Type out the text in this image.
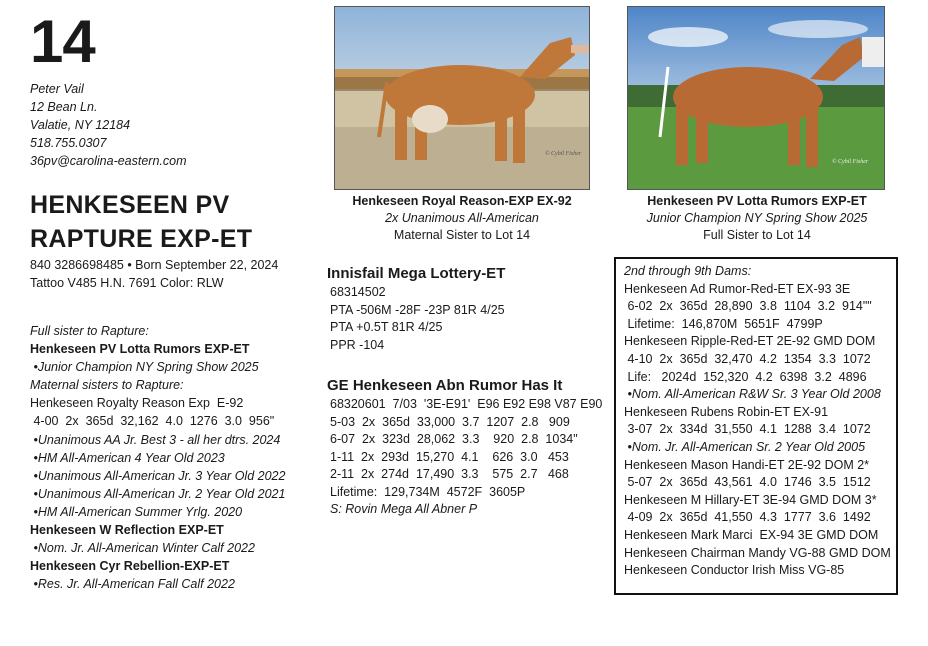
14
Peter Vail
12 Bean Ln.
Valatie, NY 12184
518.755.0307
36pv@carolina-eastern.com
HENKESEEN PV
RAPTURE EXP-ET
840 3286698485 • Born September 22, 2024
Tattoo V485 H.N. 7691 Color: RLW
Full sister to Rapture:
Henkeseen PV Lotta Rumors EXP-ET
•Junior Champion NY Spring Show 2025
Maternal sisters to Rapture:
Henkeseen Royalty Reason Exp  E-92
4-00  2x  365d  32,162  4.0  1276  3.0  956"
•Unanimous AA Jr. Best 3 - all her dtrs. 2024
•HM All-American 4 Year Old 2023
•Unanimous All-American Jr. 3 Year Old 2022
•Unanimous All-American Jr. 2 Year Old 2021
•HM All-American Summer Yrlg. 2020
Henkeseen W Reflection EXP-ET
•Nom. Jr. All-American Winter Calf 2022
Henkeseen Cyr Rebellion-EXP-ET
•Res. Jr. All-American Fall Calf 2022
© Cybil Fisher
© Cybil Fisher
Henkeseen Royal Reason-EXP EX-92
2x Unanimous All-American
Maternal Sister to Lot 14
Henkeseen PV Lotta Rumors EXP-ET
Junior Champion NY Spring Show 2025
Full Sister to Lot 14
Innisfail Mega Lottery-ET
68314502
PTA -506M -28F -23P 81R 4/25
PTA +0.5T 81R 4/25
PPR -104
GE Henkeseen Abn Rumor Has It
68320601  7/03  '3E-E91'  E96 E92 E98 V87 E90
5-03  2x  365d  33,000  3.7  1207  2.8   909
6-07  2x  323d  28,062  3.3    920  2.8  1034"
1-11  2x  293d  15,270  4.1    626  3.0   453
2-11  2x  274d  17,490  3.3    575  2.7   468
Lifetime:  129,734M  4572F  3605P
S: Rovin Mega All Abner P
2nd through 9th Dams:
Henkeseen Ad Rumor-Red-ET EX-93 3E
6-02  2x  365d  28,890  3.8  1104  3.2  914""
Lifetime:  146,870M  5651F  4799P
Henkeseen Ripple-Red-ET 2E-92 GMD DOM
4-10  2x  365d  32,470  4.2  1354  3.3  1072
Life:   2024d  152,320  4.2  6398  3.2  4896
•Nom. All-American R&W Sr. 3 Year Old 2008
Henkeseen Rubens Robin-ET EX-91
3-07  2x  334d  31,550  4.1  1288  3.4  1072
•Nom. Jr. All-American Sr. 2 Year Old 2005
Henkeseen Mason Handi-ET 2E-92 DOM 2*
5-07  2x  365d  43,561  4.0  1746  3.5  1512
Henkeseen M Hillary-ET 3E-94 GMD DOM 3*
4-09  2x  365d  41,550  4.3  1777  3.6  1492
Henkeseen Mark Marci  EX-94 3E GMD DOM
Henkeseen Chairman Mandy VG-88 GMD DOM
Henkeseen Conductor Irish Miss VG-85
